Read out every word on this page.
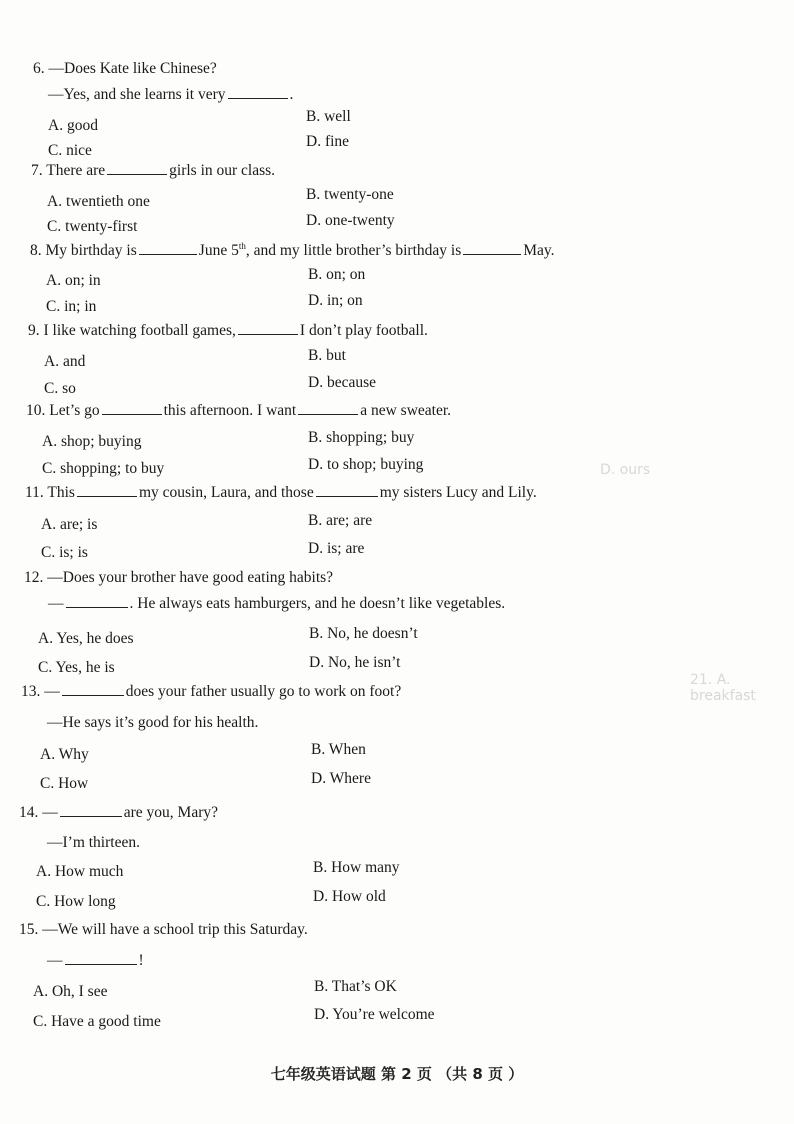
D. ours
21. A. breakfast
6. —Does Kate like Chinese?
—Yes, and she learns it very	.
A. good
B. well
C. nice
D. fine
7. There are	girls in our class.
A. twentieth one	B. twenty-one
C. twenty-first	D. one-twenty
8. My birthday is	June 5th, and my little brother’s birthday is	May.
A. on; in	B. on; on
C. in; in	D. in; on
9. I like watching football games,	I don’t play football.
A. and	B. but
C. so	D. because
10. Let’s go	this afternoon. I want	a new sweater.
A. shop; buying	B. shopping; buy
C. shopping; to buy	D. to shop; buying
11. This	my cousin, Laura, and those	my sisters Lucy and Lily.
A. are; is	B. are; are
C. is; is	D. is; are
12. —Does your brother have good eating habits?
—	. He always eats hamburgers, and he doesn’t like vegetables.
A. Yes, he does	B. No, he doesn’t
C. Yes, he is	D. No, he isn’t
13. —	does your father usually go to work on foot?
—He says it’s good for his health.
A. Why	B. When
C. How	D. Where
14. —	are you, Mary?
—I’m thirteen.
A. How much	B. How many
C. How long	D. How old
15. —We will have a school trip this Saturday.
—	!
A. Oh, I see	B. That’s OK
C. Have a good time	D. You’re welcome
七年级英语试题 第 2 页 （共 8 页 ）
